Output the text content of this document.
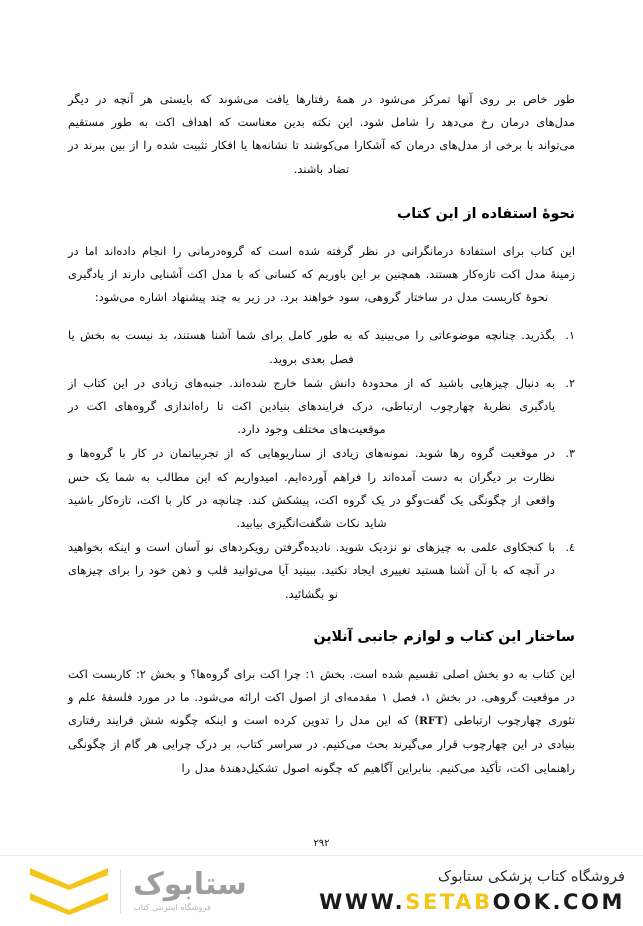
طور خاص بر روی آنها تمرکز می‌شود در همهٔ رفتارها یافت می‌شوند که بایستی هر آنچه در دیگر مدل‌های درمان رخ می‌دهد را شامل شود. این نکته بدین معناست که اهداف اکت به طور مستقیم می‌تواند با برخی از مدل‌های درمان که آشکارا می‌کوشند تا نشانه‌ها یا افکار تثبیت شده را از بین ببرند در تضاد باشند.

نحوهٔ استفاده از این کتاب

این کتاب برای استفادهٔ درمانگرانی در نظر گرفته شده است که گروه‌درمانی را انجام داده‌اند اما در زمینهٔ مدل اکت تازه‌کار هستند. همچنین بر این باوریم که کسانی که با مدل اکت آشنایی دارند از یادگیری نحوهٔ کاربست مدل در ساختار گروهی، سود خواهند برد. در زیر به چند پیشنهاد اشاره می‌شود:

۱.
بگذرید. چنانچه موضوعاتی را می‌بینید که به طور کامل برای شما آشنا هستند، بد نیست به بخش یا فصل بعدی بروید.
۲.
به دنبال چیزهایی باشید که از محدودهٔ دانش شما خارج شده‌اند. جنبه‌های زیادی در این کتاب از یادگیری نظریهٔ چهارچوب ارتباطی، درک فرایندهای بنیادین اکت تا راه‌اندازی گروه‌های اکت در موقعیت‌های مختلف وجود دارد.
۳.
در موقعیت گروه رها شوید. نمونه‌های زیادی از سناریوهایی که از تجربیاتمان در کار با گروه‌ها و نظارت بر دیگران به دست آمده‌اند را فراهم آورده‌ایم. امیدواریم که این مطالب به شما یک حس واقعی از چگونگی یک گفت‌وگو در یک گروه اکت، پیشکش کند. چنانچه در کار با اکت، تازه‌کار باشید شاید نکات شگفت‌انگیزی بیابید.
٤.
با کنجکاوی علمی به چیزهای نو نزدیک شوید. نادیده‌گرفتن رویکردهای نو آسان است و اینکه بخواهید در آنچه که با آن آشنا هستید تغییری ایجاد نکنید. ببینید آیا می‌توانید قلب و ذهن خود را برای چیزهای نو بگشائید.
ساختار این کتاب و لوازم جانبی آنلاین

این کتاب به دو بخش اصلی تقسیم شده است. بخش ۱: چرا اکت برای گروه‌ها؟ و بخش ۲: کاربست اکت در موقعیت گروهی. در بخش ۱، فصل ۱ مقدمه‌ای از اصول اکت ارائه می‌شود. ما در مورد فلسفهٔ علم و تئوری چهارچوب ارتباطی (RFT) که این مدل را تدوین کرده است و اینکه چگونه شش فرایند رفتاری بنیادی در این چهارچوب قرار می‌گیرند بحث می‌کنیم. در سراسر کتاب، بر درک چرایی هر گام از چگونگی راهنمایی اکت، تأکید می‌کنیم. بنابراین آگاهیم که چگونه اصول تشکیل‌دهندهٔ مدل را

۲۹۲
ستابوک
فروشگاه اینترنتی کتاب
فروشگاه کتاب پزشکی ستابوک
WWW.SETABOOK.COM
